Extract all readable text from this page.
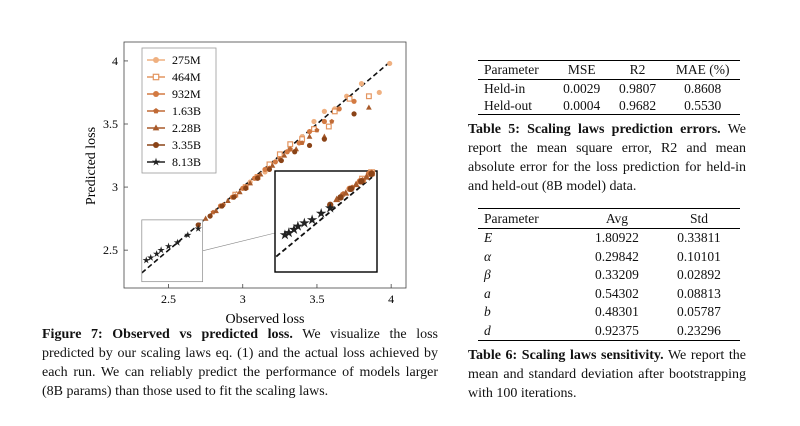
2.5	3	3.5	4
2.5
3
3.5
4	275M
464M
932M
1.63B
2.28B
3.35B
8.13B
Observed loss
Predicted loss
Figure 7: Observed vs predicted loss. We visualize the loss predicted by our scaling laws eq. (1) and the actual loss achieved by each run. We can reliably predict the performance of models larger (8B params) than those used to fit the scaling laws.
Parameter	MSE	R2	MAE (%)
Held-in	0.0029	0.9807	0.8608
Held-out	0.0004	0.9682	0.5530
Table 5: Scaling laws prediction errors. We report the mean square error, R2 and mean absolute error for the loss prediction for held-in and held-out (8B model) data.
Parameter	Avg	Std
E	1.80922	0.33811
α	0.29842	0.10101
β	0.33209	0.02892
a	0.54302	0.08813
b	0.48301	0.05787
d	0.92375	0.23296
Table 6: Scaling laws sensitivity. We report the mean and standard deviation after bootstrapping with 100 iterations.
